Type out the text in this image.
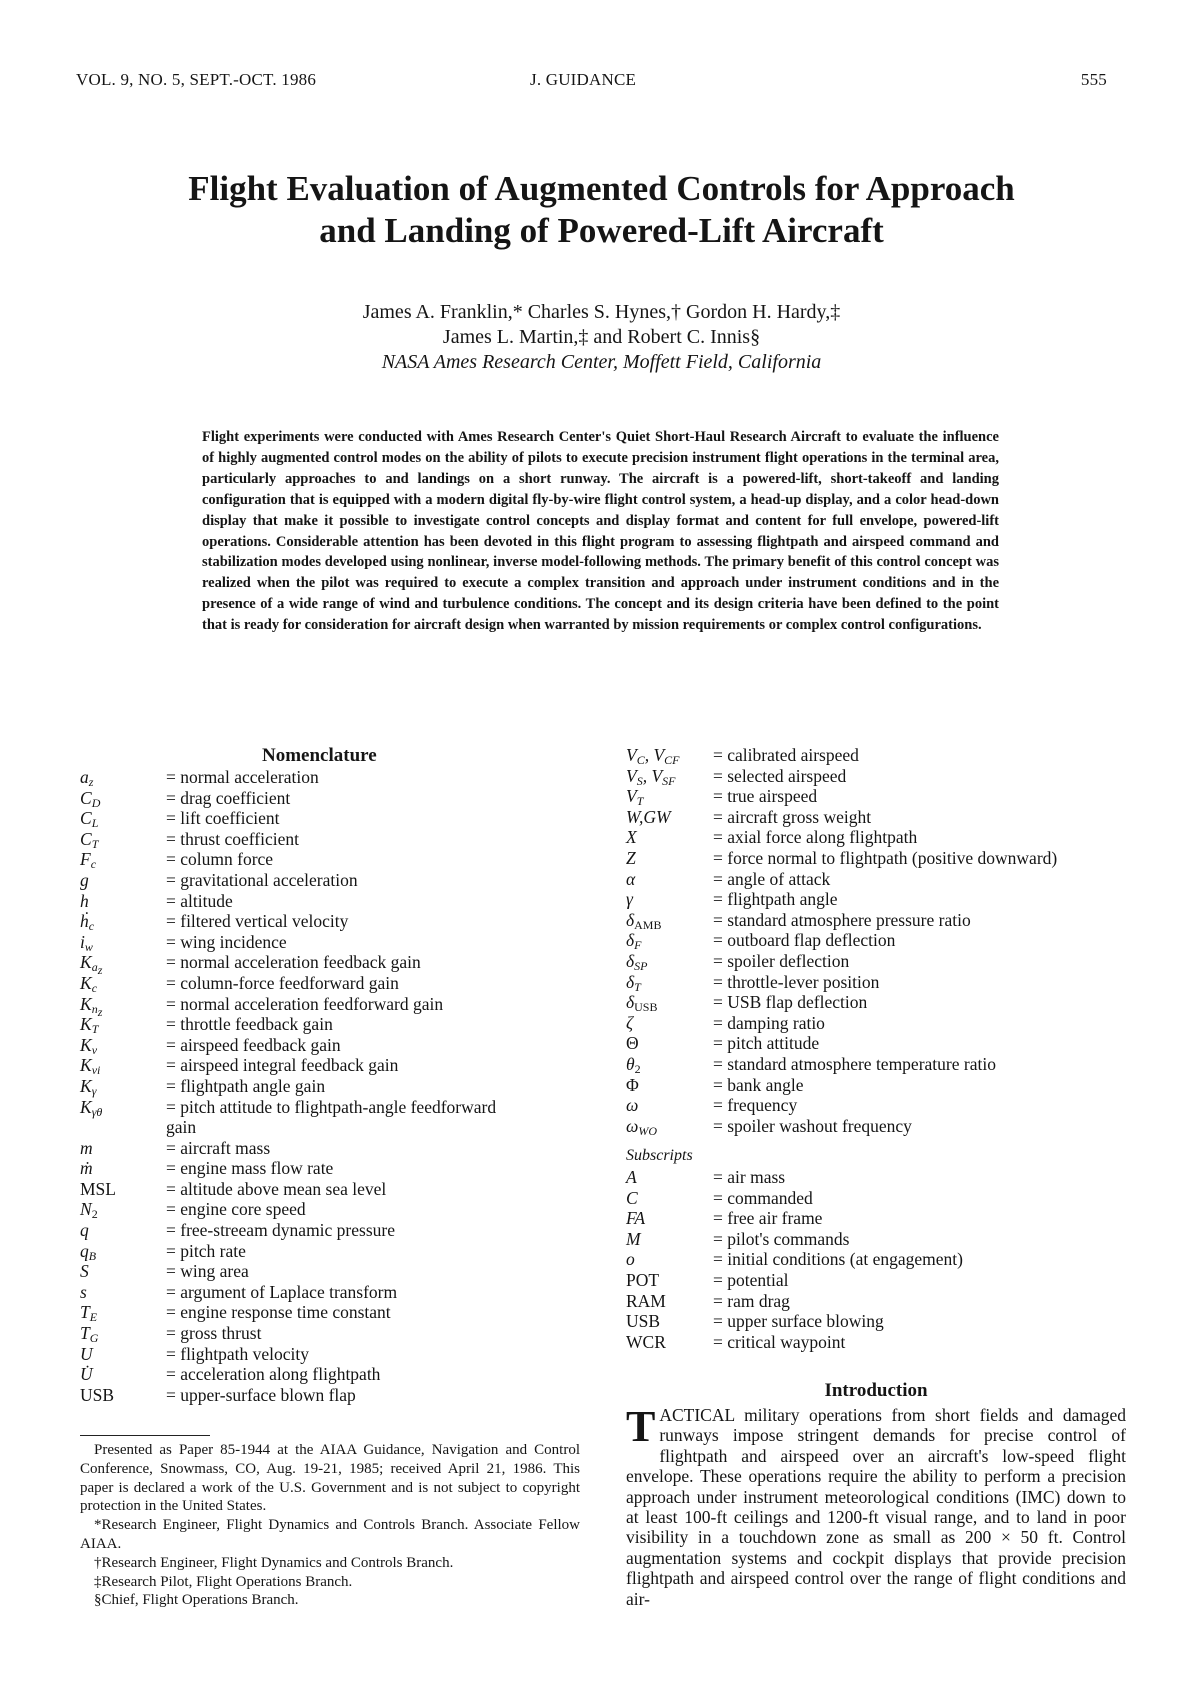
VOL. 9, NO. 5, SEPT.-OCT. 1986	J. GUIDANCE	555
Flight Evaluation of Augmented Controls for Approach
and Landing of Powered-Lift Aircraft
James A. Franklin,* Charles S. Hynes,† Gordon H. Hardy,‡
James L. Martin,‡ and Robert C. Innis§
NASA Ames Research Center, Moffett Field, California

Flight experiments were conducted with Ames Research Center's Quiet Short-Haul Research Aircraft to evaluate the influence of highly augmented control modes on the ability of pilots to execute precision instrument flight operations in the terminal area, particularly approaches to and landings on a short runway. The aircraft is a powered-lift, short-takeoff and landing configuration that is equipped with a modern digital fly-by-wire flight control system, a head-up display, and a color head-down display that make it possible to investigate control concepts and display format and content for full envelope, powered-lift operations. Considerable attention has been devoted in this flight program to assessing flightpath and airspeed command and stabilization modes developed using nonlinear, inverse model-following methods. The primary benefit of this control concept was realized when the pilot was required to execute a complex transition and approach under instrument conditions and in the presence of a wide range of wind and turbulence conditions. The concept and its design criteria have been defined to the point that is ready for consideration for aircraft design when warranted by mission requirements or complex control configurations.

Nomenclature
$a_z$	= normal acceleration
$C_D$	= drag coefficient
$C_L$	= lift coefficient
$C_T$	= thrust coefficient
$F_c$	= column force
g	= gravitational acceleration
h	= altitude
ḣ$_c$	= filtered vertical velocity
$i_w$	= wing incidence
$K_{a_z}$	= normal acceleration feedback gain
$K_c$	= column-force feedforward gain
$K_{n_z}$	= normal acceleration feedforward gain
$K_T$	= throttle feedback gain
$K_v$	= airspeed feedback gain
$K_{vi}$	= airspeed integral feedback gain
$K_\gamma$	= flightpath angle gain
$K_{\gamma\theta}$	= pitch attitude to flightpath-angle feedforward
gain
m	= aircraft mass
ṁ	= engine mass flow rate
MSL	= altitude above mean sea level
$N_2$	= engine core speed
q	= free-streeam dynamic pressure
$q_B$	= pitch rate
S	= wing area
s	= argument of Laplace transform
$T_E$	= engine response time constant
$T_G$	= gross thrust
U	= flightpath velocity
U̇	= acceleration along flightpath
USB	= upper-surface blown flap
$V_C$, $V_{CF}$	= calibrated airspeed
$V_S$, $V_{SF}$	= selected airspeed
$V_T$	= true airspeed
W,GW	= aircraft gross weight
X	= axial force along flightpath
Z	= force normal to flightpath (positive downward)
α	= angle of attack
γ	= flightpath angle
$\delta_{AMB}$	= standard atmosphere pressure ratio
$\delta_F$	= outboard flap deflection
$\delta_{SP}$	= spoiler deflection
$\delta_T$	= throttle-lever position
$\delta_{USB}$	= USB flap deflection
ζ	= damping ratio
Θ	= pitch attitude
$\theta_2$	= standard atmosphere temperature ratio
Φ	= bank angle
ω	= frequency
$\omega_{WO}$	= spoiler washout frequency
Subscripts
A	= air mass
C	= commanded
FA	= free air frame
M	= pilot's commands
o	= initial conditions (at engagement)
POT	= potential
RAM	= ram drag
USB	= upper surface blowing
WCR	= critical waypoint

Presented as Paper 85-1944 at the AIAA Guidance, Navigation and Control Conference, Snowmass, CO, Aug. 19-21, 1985; received April 21, 1986. This paper is declared a work of the U.S. Government and is not subject to copyright protection in the United States.

*Research Engineer, Flight Dynamics and Controls Branch. Associate Fellow AIAA.

†Research Engineer, Flight Dynamics and Controls Branch.

‡Research Pilot, Flight Operations Branch.

§Chief, Flight Operations Branch.

Introduction
TACTICAL military operations from short fields and damaged runways impose stringent demands for precise control of flightpath and airspeed over an aircraft's low-speed flight envelope. These operations require the ability to perform a precision approach under instrument meteorological conditions (IMC) down to at least 100-ft ceilings and 1200-ft visual range, and to land in poor visibility in a touchdown zone as small as 200 × 50 ft. Control augmentation systems and cockpit displays that provide precision flightpath and airspeed control over the range of flight conditions and air-
